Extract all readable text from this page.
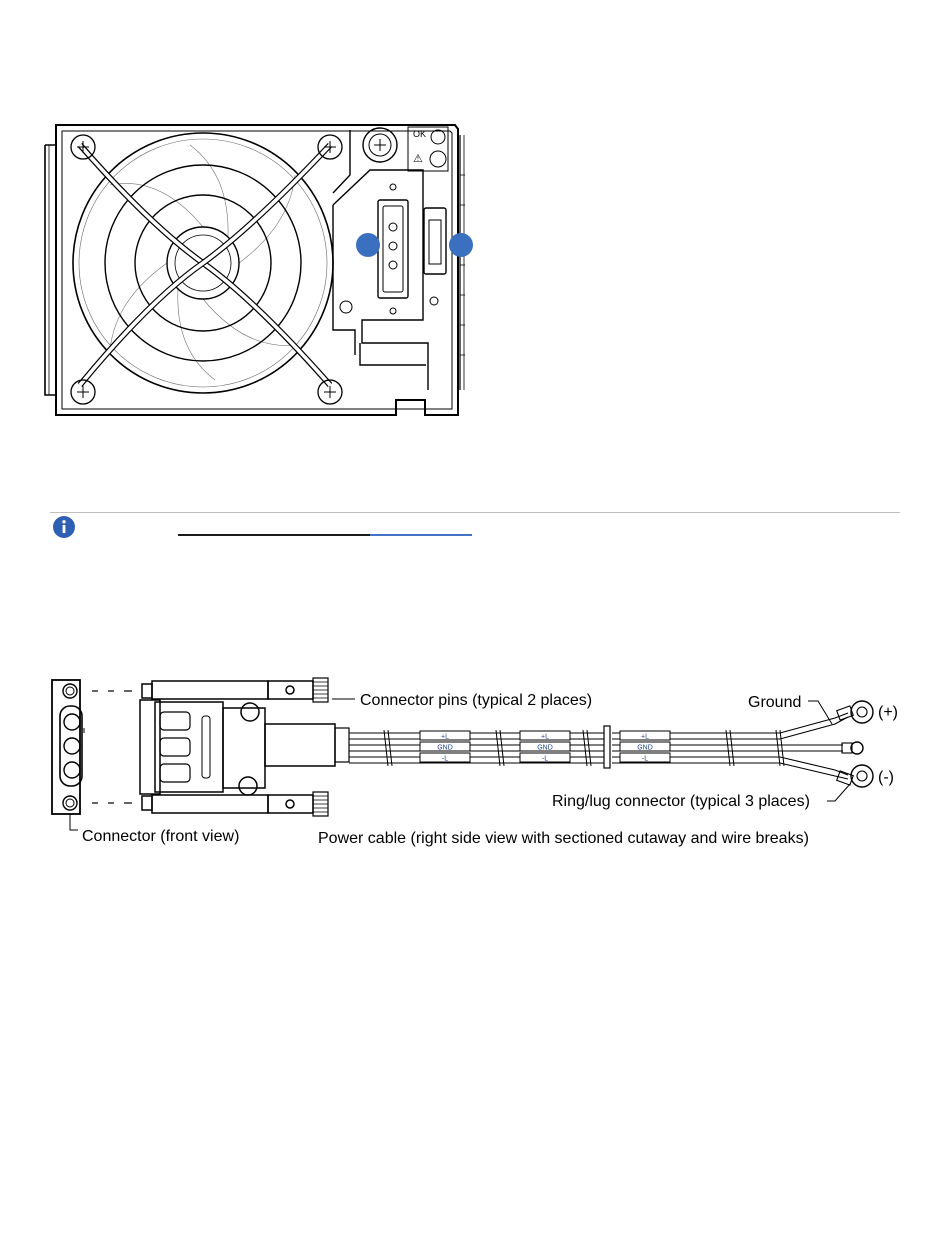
OK
⚠
+L
GND
-L
+L
GND
-L
+L
GND
-L
Connector pins (typical 2 places)	Ground
(+)
(-)
Ring/lug connector (typical 3 places)
Connector (front view)	Power cable (right side view with sectioned cutaway and wire breaks)
